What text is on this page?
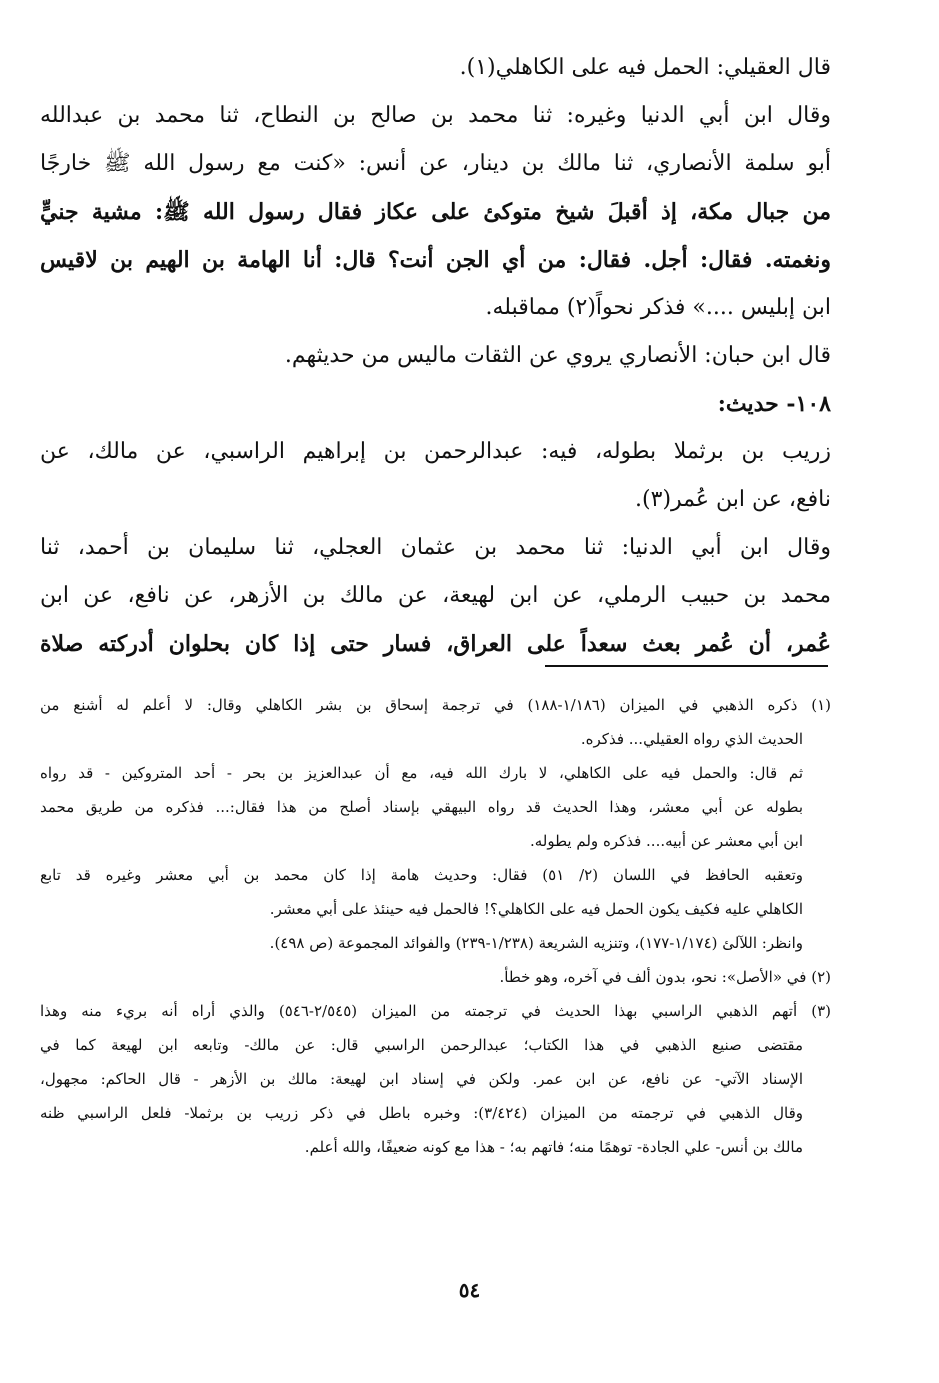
قال العقيلي: الحمل فيه على الكاهلي(١).
وقال ابن أبي الدنيا وغيره: ثنا محمد بن صالح بن النطاح، ثنا محمد بن عبدالله
أبو سلمة الأنصاري، ثنا مالك بن دينار، عن أنس: «كنت مع رسول الله ﷺ خارجًا
من جبال مكة، إذ أقبلَ شيخ متوكئ على عكاز فقال رسول الله ﷺ: مشية جنيٍّ
ونغمته. فقال: أجل. فقال: من أي الجن أنت؟ قال: أنا الهامة بن الهيم بن لاقيس
ابن إبليس ....» فذكر نحواً(٢) مماقبله.
قال ابن حبان: الأنصاري يروي عن الثقات ماليس من حديثهم.
١٠٨- حديث:
زريب بن برثملا بطوله، فيه: عبدالرحمن بن إبراهيم الراسبي، عن مالك، عن
نافع، عن ابن عُمر(٣).
وقال ابن أبي الدنيا: ثنا محمد بن عثمان العجلي، ثنا سليمان بن أحمد، ثنا
محمد بن حبيب الرملي، عن ابن لهيعة، عن مالك بن الأزهر، عن نافع، عن ابن
عُمر، أن عُمر بعث سعداً على العراق، فسار حتى إذا كان بحلوان أدركته صلاة
(١) ذكره الذهبي في الميزان (١/١٨٦-١٨٨) في ترجمة إسحاق بن بشر الكاهلي وقال: لا أعلم له أشنع من
الحديث الذي رواه العقيلي... فذكره.
ثم قال: والحمل فيه على الكاهلي، لا بارك الله فيه، مع أن عبدالعزيز بن بحر - أحد المتروكين - قد رواه
بطوله عن أبي معشر، وهذا الحديث قد رواه البيهقي بإسناد أصلح من هذا فقال:... فذكره من طريق محمد
ابن أبي معشر عن أبيه.... فذكره ولم يطوله.
وتعقبه الحافظ في اللسان (٢/ ٥١) فقال: وحديث هامة إذا كان محمد بن أبي معشر وغيره قد تابع
الكاهلي عليه فكيف يكون الحمل فيه على الكاهلي؟! فالحمل فيه حينئذ على أبي معشر.
وانظر: اللآلئ (١/١٧٤-١٧٧)، وتنزيه الشريعة (١/٢٣٨-٢٣٩) والفوائد المجموعة (ص ٤٩٨).
(٢) في «الأصل»: نحو، بدون ألف في آخره، وهو خطأ.
(٣) أتهم الذهبي الراسبي بهذا الحديث في ترجمته من الميزان (٢/٥٤٥-٥٤٦) والذي أراه أنه بريء منه وهذا
مقتضى صنيع الذهبي في هذا الكتاب؛ عبدالرحمن الراسبي قال: عن مالك- وتابعه ابن لهيعة كما في
الإسناد الآتي- عن نافع، عن ابن عمر. ولكن في إسناد ابن لهيعة: مالك بن الأزهر - قال الحاكم: مجهول،
وقال الذهبي في ترجمته من الميزان (٣/٤٢٤): وخبره باطل في ذكر زريب بن برثملا- فلعل الراسبي ظنه
مالك بن أنس- علي الجادة- توهمًا منه؛ فاتهم به؛ - هذا مع كونه ضعيفًا، والله أعلم.
٥٤
